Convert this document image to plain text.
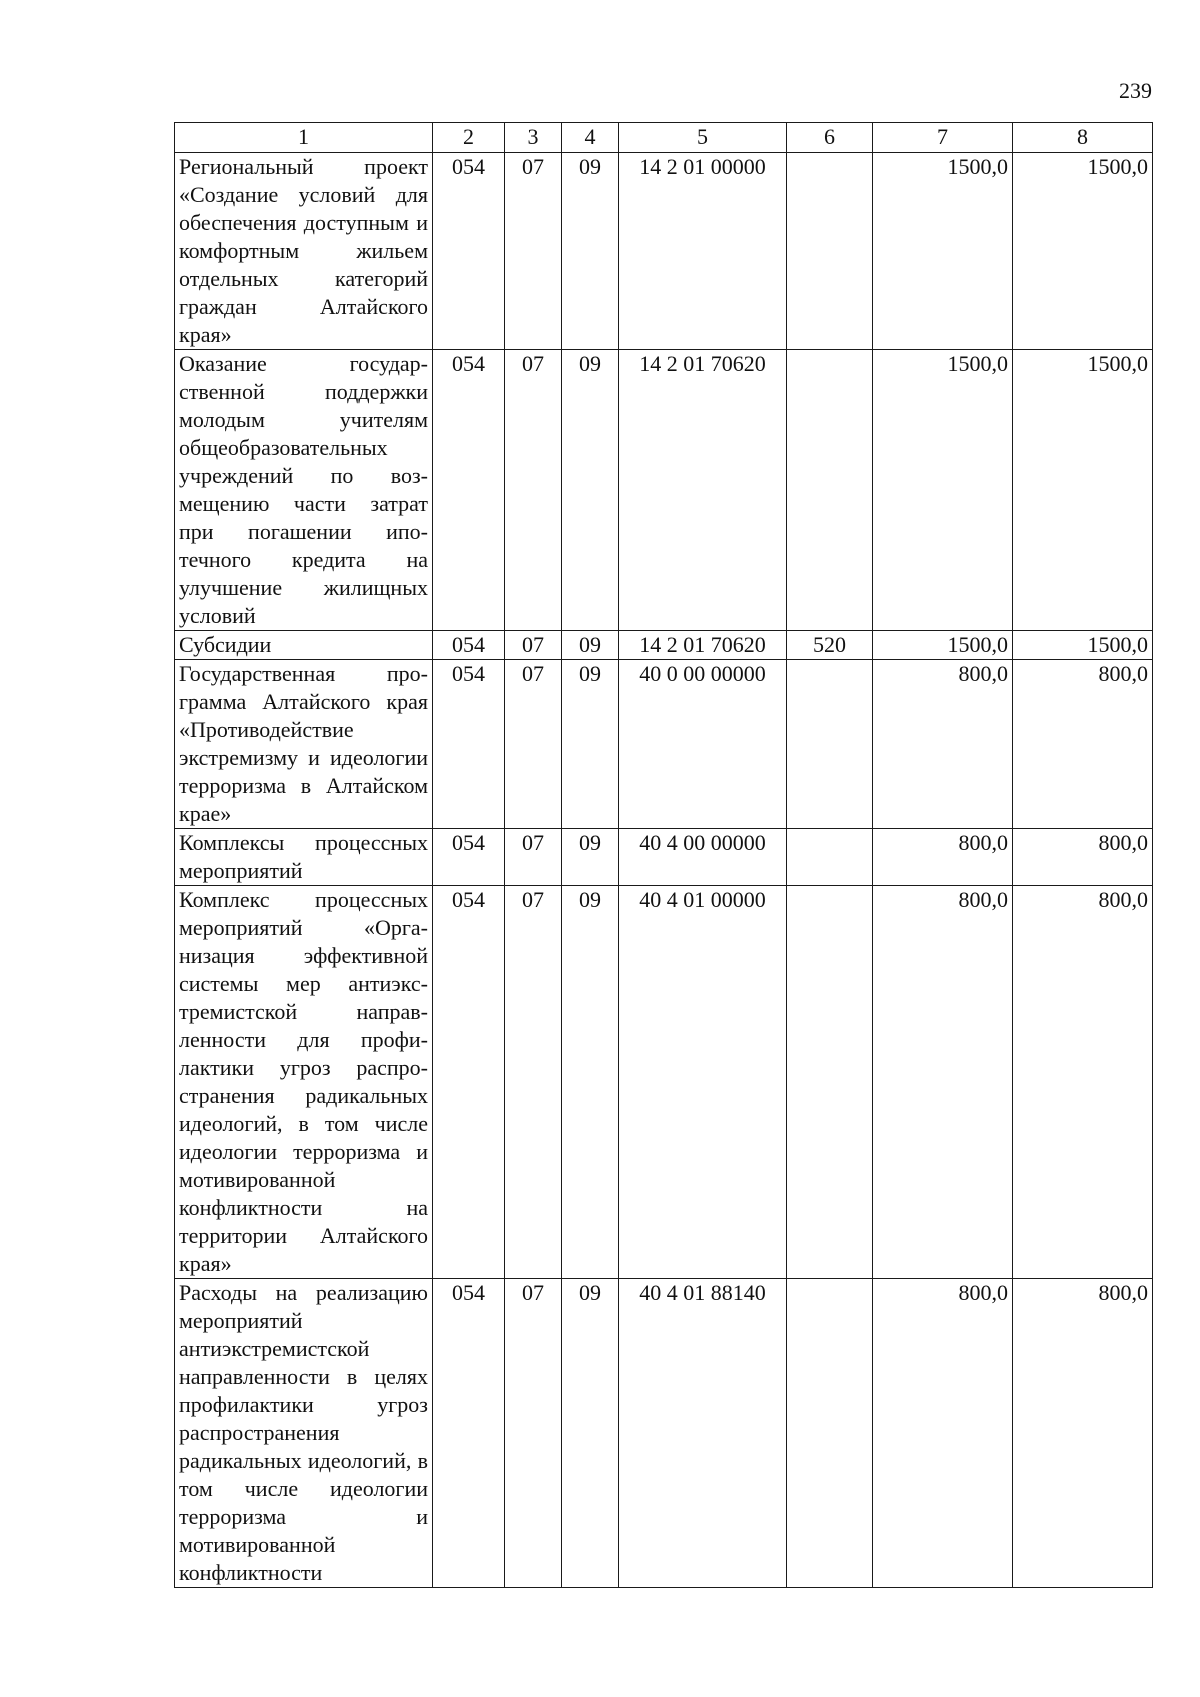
239
1	2	3	4	5	6	7	8
Региональный проект «Создание условий для обеспечения доступным и комфортным жильем отдельных категорий граждан Алтайского края»	054	07	09	14 2 01 00000		1500,0	1500,0
Оказание государственной поддержки молодым учителям общеобразовательных учреждений по возмещению части затрат при погашении ипотечного кредита на улучшение жилищных условий	054	07	09	14 2 01 70620		1500,0	1500,0
Субсидии	054	07	09	14 2 01 70620	520	1500,0	1500,0
Государственная программа Алтайского края «Противодействие экстремизму и идеологии терроризма в Алтайском крае»	054	07	09	40 0 00 00000		800,0	800,0
Комплексы процессных мероприятий	054	07	09	40 4 00 00000		800,0	800,0
Комплекс процессных мероприятий «Организация эффективной системы мер антиэкстремистской направленности для профилактики угроз распространения радикальных идеологий, в том числе идеологии терроризма и мотивированной конфликтности на территории Алтайского края»	054	07	09	40 4 01 00000		800,0	800,0
Расходы на реализацию мероприятий антиэкстремистской направленности в целях профилактики угроз распространения радикальных идеологий, в том числе идеологии терроризма и мотивированной конфликтности	054	07	09	40 4 01 88140		800,0	800,0
